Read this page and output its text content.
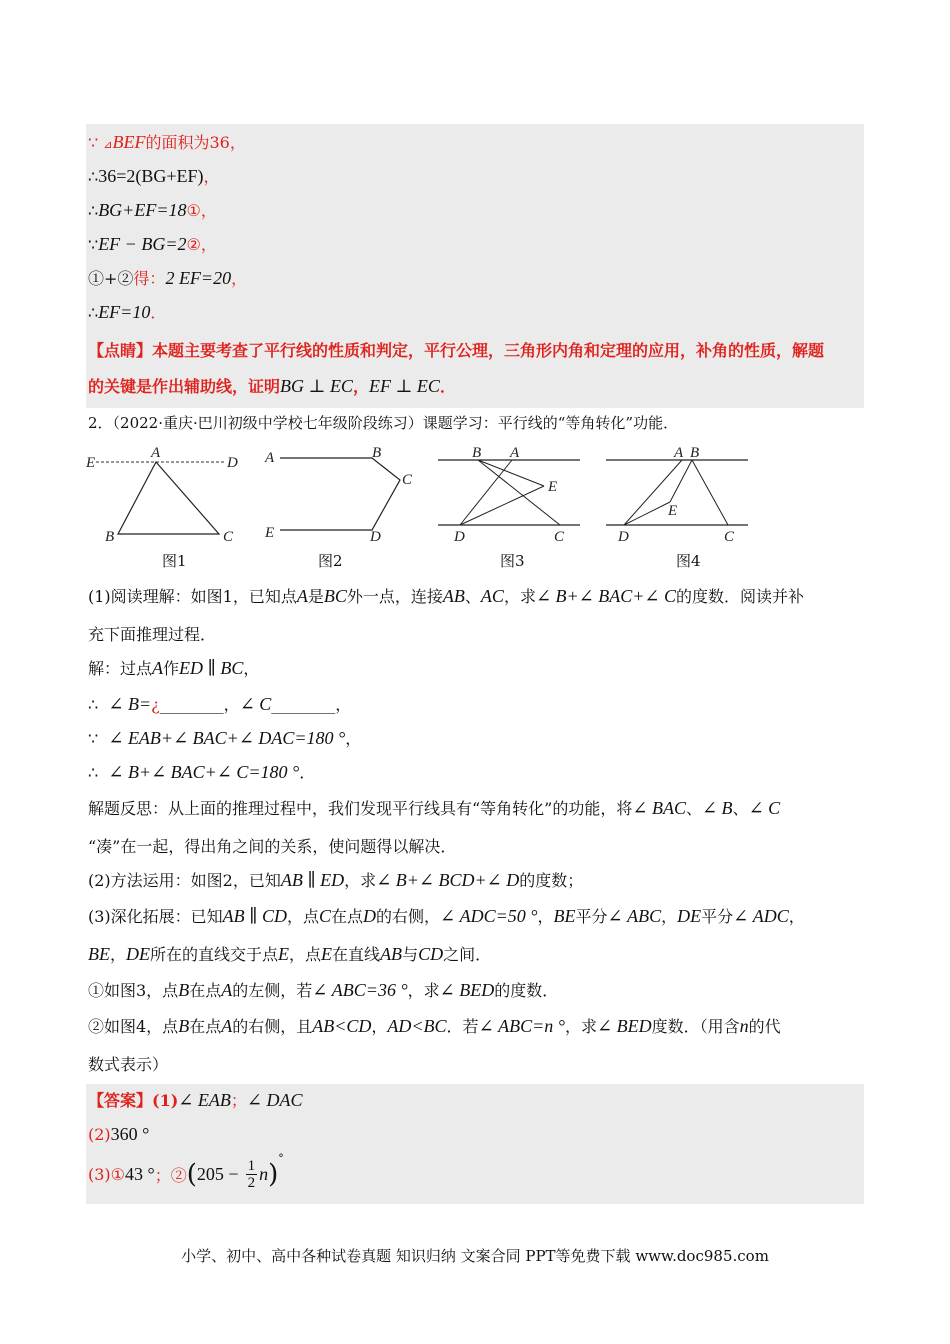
∵ ⊿BEF的面积为36，
∴36=2(BG+EF)，
∴BG+EF=18①，
∵EF − BG=2②，
①+②得：2 EF=20，
∴EF=10．
【点睛】本题主要考查了平行线的性质和判定，平行公理，三角形内角和定理的应用，补角的性质，解题
的关键是作出辅助线，证明BG ⊥ EC，EF ⊥ EC．
2．（2022·重庆·巴川初级中学校七年级阶段练习）课题学习：平行线的“等角转化”功能．
E
A
D
B	C
A	B
C
E	D
B A
E
D	C
A B
E
D	C
图1	图2	图3	图4
(1)阅读理解：如图1，已知点A是BC外一点，连接AB、AC，求∠ B+∠ BAC+∠ C的度数．阅读并补
充下面推理过程．
解：过点A作ED ∥ BC，
∴ ∠ B=¿________，∠ C________，
∵ ∠ EAB+∠ BAC+∠ DAC=180 °，
∴ ∠ B+∠ BAC+∠ C=180 °．
解题反思：从上面的推理过程中，我们发现平行线具有“等角转化”的功能，将∠ BAC、∠ B、∠ C
“凑”在一起，得出角之间的关系，使问题得以解决．
(2)方法运用：如图2，已知AB ∥ ED，求∠ B+∠ BCD+∠ D的度数；
(3)深化拓展：已知AB ∥ CD，点C在点D的右侧，∠ ADC=50 °，BE平分∠ ABC，DE平分∠ ADC，
BE，DE所在的直线交于点E，点E在直线AB与CD之间．
①如图3，点B在点A的左侧，若∠ ABC=36 °，求∠ BED的度数．
②如图4，点B在点A的右侧，且AB<CD，AD<BC．若∠ ABC=n °，求∠ BED度数．（用含n的代
数式表示）
【答案】(1)∠ EAB；∠ DAC
(2)360 °
(3)①43 °；②(205 − $\frac{1}{2} n)^\circ$
小学、初中、高中各种试卷真题 知识归纳 文案合同 PPT等免费下载 www.doc985.com
